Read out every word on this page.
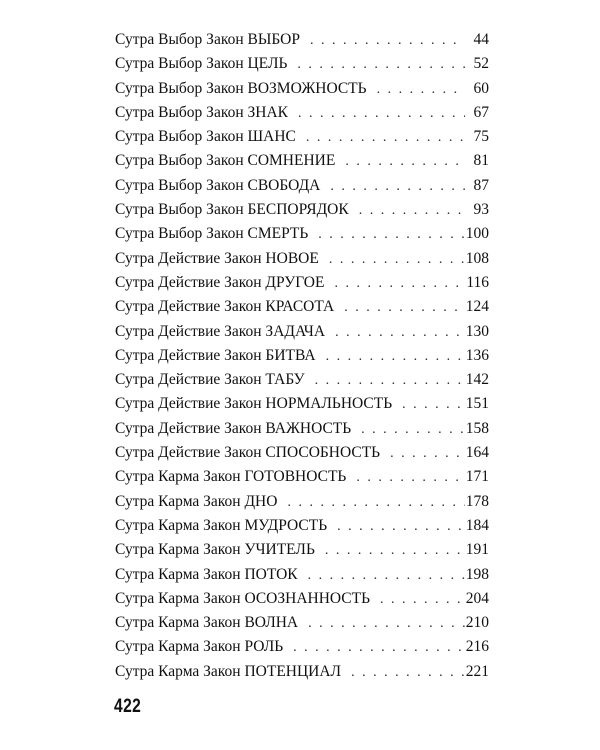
Сутра Выбор Закон ВЫБОР . . .	44
Сутра Выбор Закон ЦЕЛЬ . . .	52
Сутра Выбор Закон ВОЗМОЖНОСТЬ . . .	60
Сутра Выбор Закон ЗНАК . . .	67
Сутра Выбор Закон ШАНС . . .	75
Сутра Выбор Закон СОМНЕНИЕ . . .	81
Сутра Выбор Закон СВОБОДА . . .	87
Сутра Выбор Закон БЕСПОРЯДОК . . .	93
Сутра Выбор Закон СМЕРТЬ . . .	100
Сутра Действие Закон НОВОЕ . . .	108
Сутра Действие Закон ДРУГОЕ . . .	116
Сутра Действие Закон КРАСОТА . . .	124
Сутра Действие Закон ЗАДАЧА . . .	130
Сутра Действие Закон БИТВА . . .	136
Сутра Действие Закон ТАБУ . . .	142
Сутра Действие Закон НОРМАЛЬНОСТЬ . . .	151
Сутра Действие Закон ВАЖНОСТЬ . . .	158
Сутра Действие Закон СПОСОБНОСТЬ . . .	164
Сутра Карма Закон ГОТОВНОСТЬ . . .	171
Сутра Карма Закон ДНО . . .	178
Сутра Карма Закон МУДРОСТЬ . . .	184
Сутра Карма Закон УЧИТЕЛЬ . . .	191
Сутра Карма Закон ПОТОК . . .	198
Сутра Карма Закон ОСОЗНАННОСТЬ . . .	204
Сутра Карма Закон ВОЛНА . . .	210
Сутра Карма Закон РОЛЬ . . .	216
Сутра Карма Закон ПОТЕНЦИАЛ . . .	221
422
